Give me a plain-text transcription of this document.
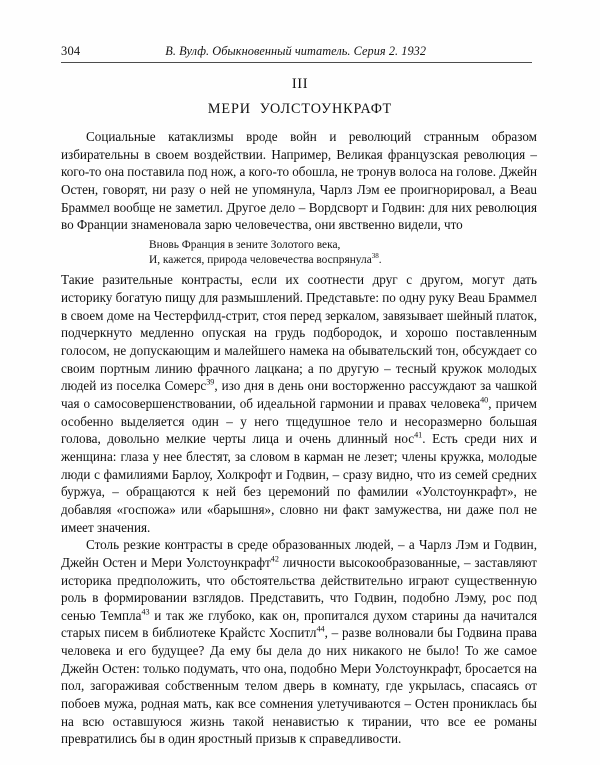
304	В. Вулф. Обыкновенный читатель. Серия 2. 1932
III
МЕРИ  УОЛСТОУНКРАФТ

Социальные катаклизмы вроде войн и революций странным образом избирательны в своем воздействии. Например, Великая французская революция – кого-то она поставила под нож, а кого-то обошла, не тронув волоса на голове. Джейн Остен, говорят, ни разу о ней не упомянула, Чарлз Лэм ее проигнорировал, а Beau Браммел вообще не заметил. Другое дело – Вордсворт и Годвин: для них революция во Франции знаменовала зарю человечества, они явственно видели, что

Вновь Франция в зените Золотого века,
И, кажется, природа человечества воспрянула$^{38}$.

Такие разительные контрасты, если их соотнести друг с другом, могут дать историку богатую пищу для размышлений. Представьте: по одну руку Beau Браммел в своем доме на Честерфилд-стрит, стоя перед зеркалом, завязывает шейный платок, подчеркнуто медленно опуская на грудь подбородок, и хорошо поставленным голосом, не допускающим и малейшего намека на обывательский тон, обсуждает со своим портным линию фрачного лацкана; а по другую – тесный кружок молодых людей из поселка Сомерс$^{39}$, изо дня в день они восторженно рассуждают за чашкой чая о самосовершенствовании, об идеальной гармонии и правах человека$^{40}$, причем особенно выделяется один – у него тщедушное тело и несоразмерно большая голова, довольно мелкие черты лица и очень длинный нос$^{41}$. Есть среди них и женщина: глаза у нее блестят, за словом в карман не лезет; члены кружка, молодые люди с фамилиями Барлоу, Холкрофт и Годвин, – сразу видно, что из семей средних буржуа, – обращаются к ней без церемоний по фамилии «Уолстоункрафт», не добавляя «госпожа» или «барышня», словно ни факт замужества, ни даже пол не имеет значения.

Столь резкие контрасты в среде образованных людей, – а Чарлз Лэм и Годвин, Джейн Остен и Мери Уолстоункрафт$^{42}$ личности высокообразованные, – заставляют историка предположить, что обстоятельства действительно играют существенную роль в формировании взглядов. Представить, что Годвин, подобно Лэму, рос под сенью Темпла$^{43}$ и так же глубоко, как он, пропитался духом старины да начитался старых писем в библиотеке Крайстс Хоспитл$^{44}$, – разве волновали бы Годвина права человека и его будущее? Да ему бы дела до них никакого не было! То же самое Джейн Остен: только подумать, что она, подобно Мери Уолстоункрафт, бросается на пол, загораживая собственным телом дверь в комнату, где укрылась, спасаясь от побоев мужа, родная мать, как все сомнения улетучиваются – Остен прониклась бы на всю оставшуюся жизнь такой ненавистью к тирании, что все ее романы превратились бы в один яростный призыв к справедливости.
